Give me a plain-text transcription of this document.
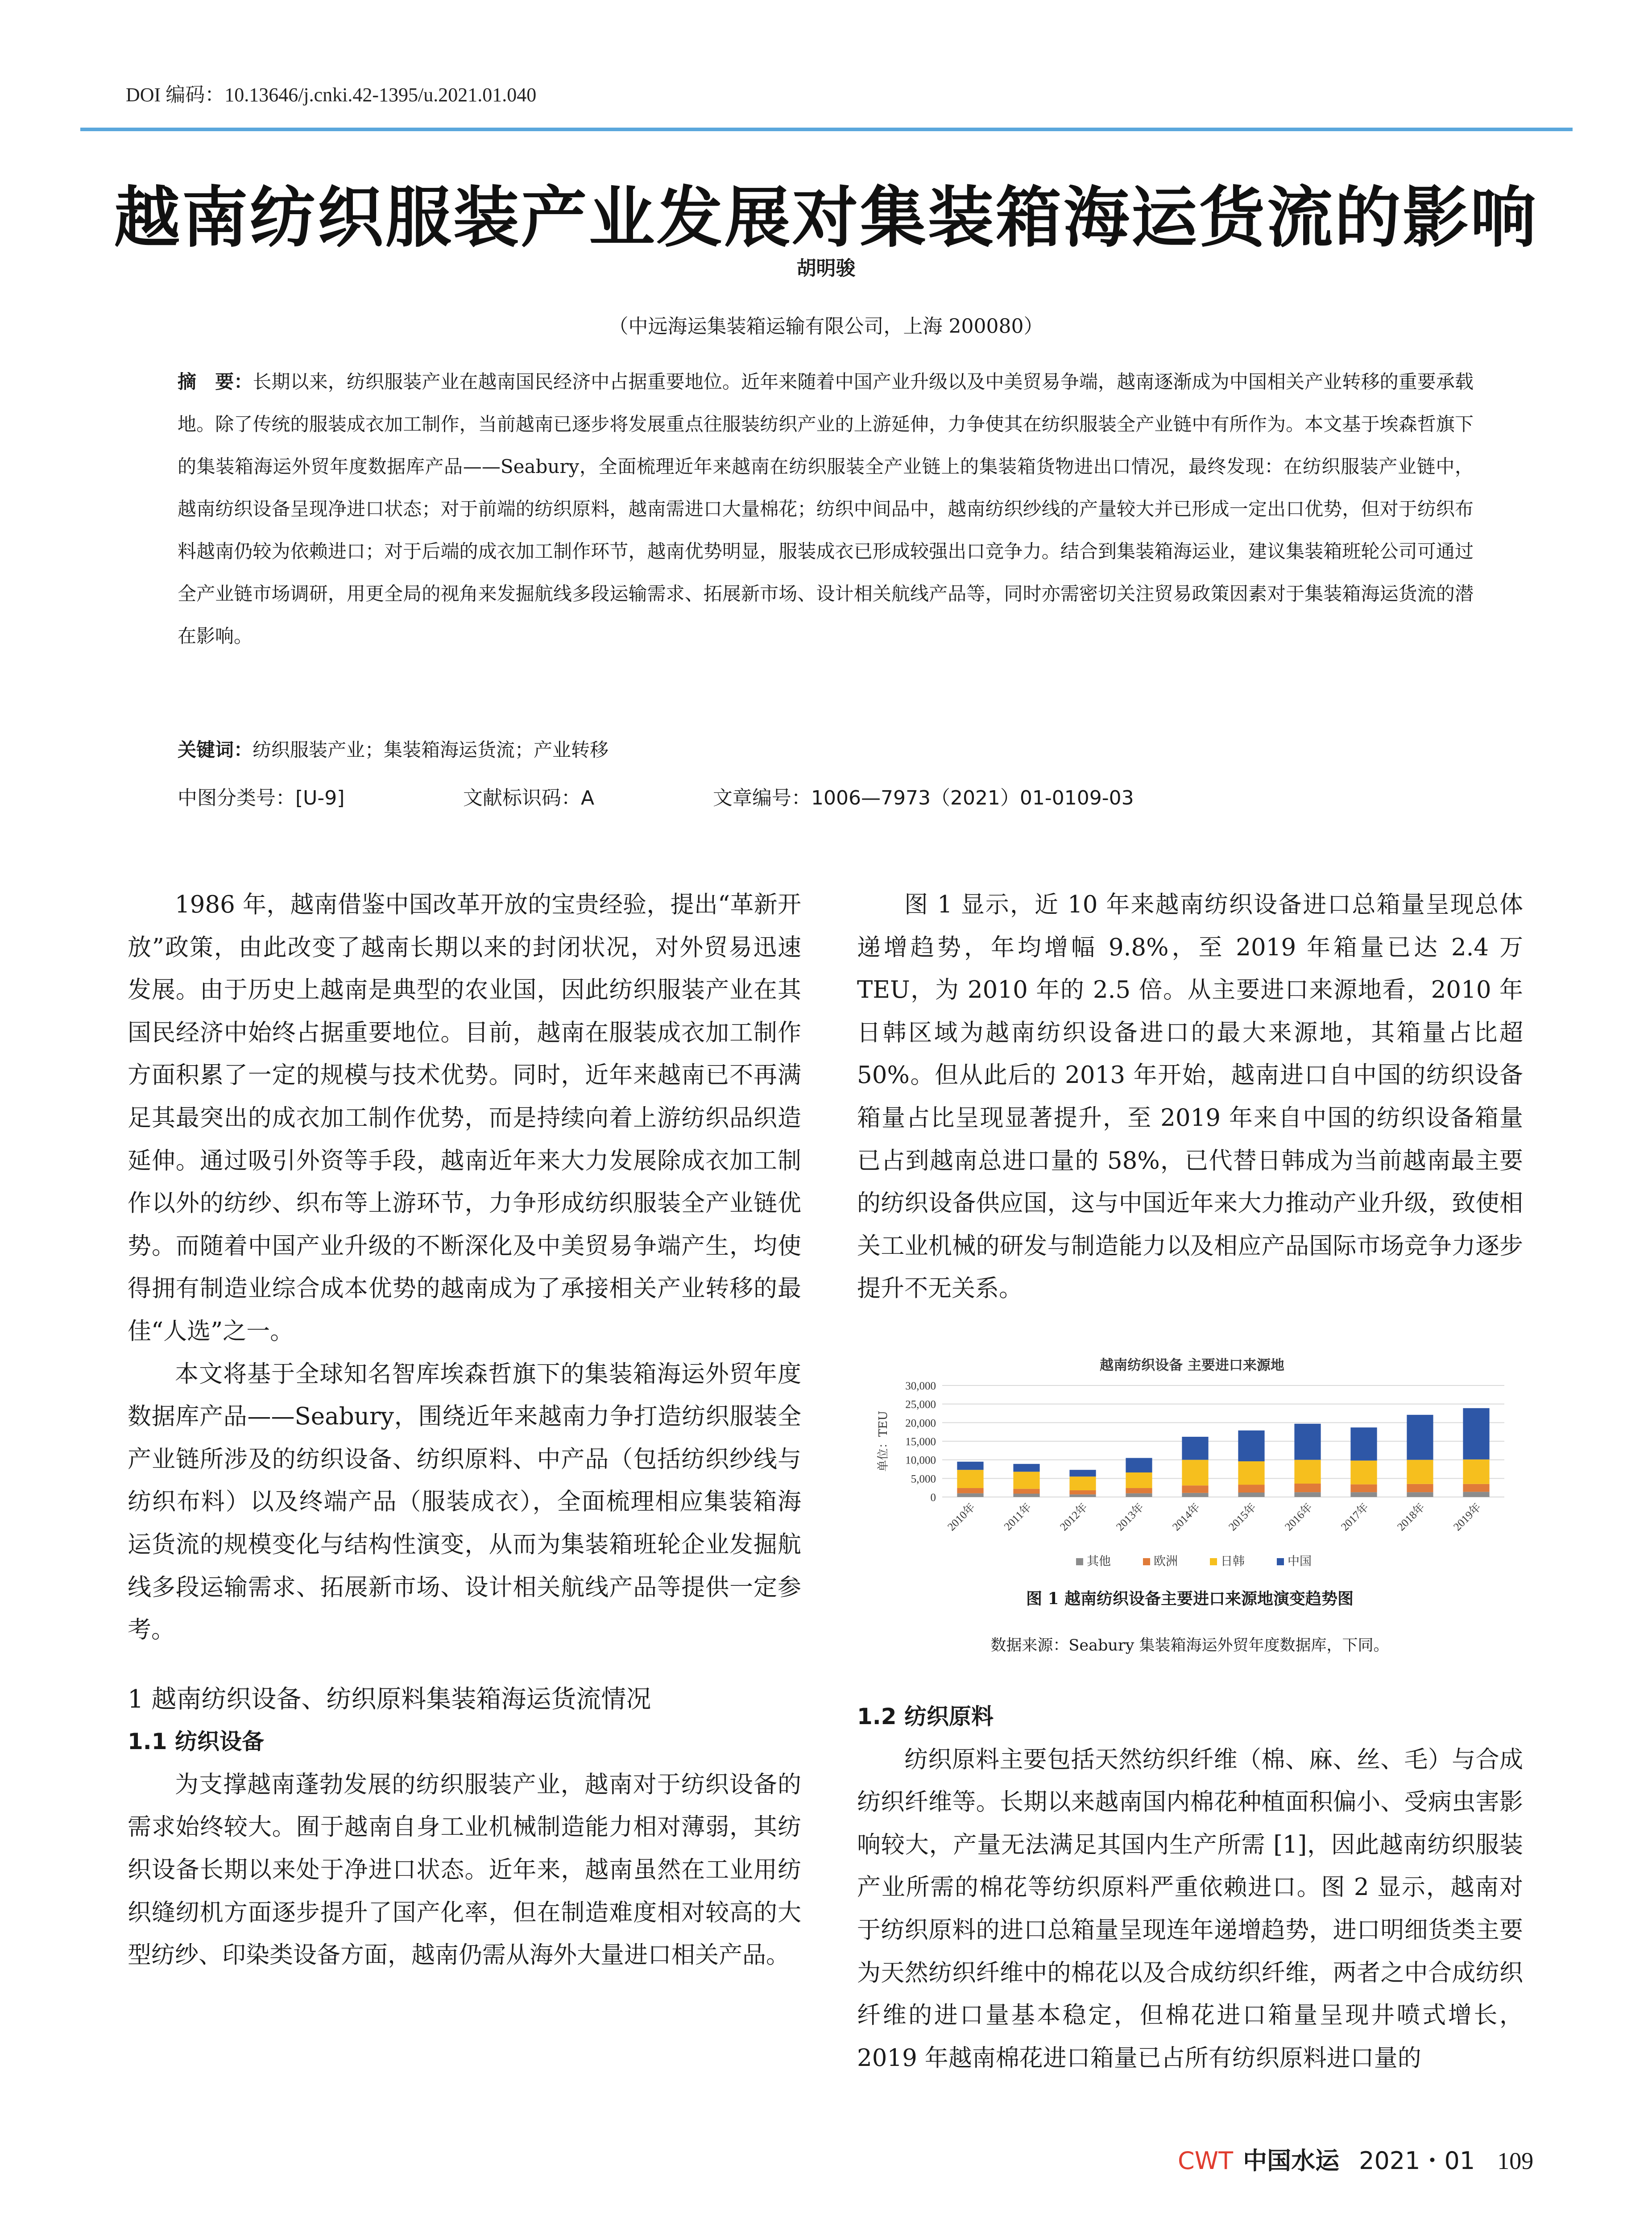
DOI 编码：10.13646/j.cnki.42-1395/u.2021.01.040
越南纺织服装产业发展对集装箱海运货流的影响
胡明骏
（中远海运集装箱运输有限公司，上海 200080）
摘　要：长期以来，纺织服装产业在越南国民经济中占据重要地位。近年来随着中国产业升级以及中美贸易争端，越南逐渐成为中国相关产业转移的重要承载地。除了传统的服装成衣加工制作，当前越南已逐步将发展重点往服装纺织产业的上游延伸，力争使其在纺织服装全产业链中有所作为。本文基于埃森哲旗下的集装箱海运外贸年度数据库产品——Seabury，全面梳理近年来越南在纺织服装全产业链上的集装箱货物进出口情况，最终发现：在纺织服装产业链中，越南纺织设备呈现净进口状态；对于前端的纺织原料，越南需进口大量棉花；纺织中间品中，越南纺织纱线的产量较大并已形成一定出口优势，但对于纺织布料越南仍较为依赖进口；对于后端的成衣加工制作环节，越南优势明显，服装成衣已形成较强出口竞争力。结合到集装箱海运业，建议集装箱班轮公司可通过全产业链市场调研，用更全局的视角来发掘航线多段运输需求、拓展新市场、设计相关航线产品等，同时亦需密切关注贸易政策因素对于集装箱海运货流的潜在影响。
关键词：纺织服装产业；集装箱海运货流；产业转移
中图分类号：[U-9]	文献标识码：A	文章编号：1006—7973（2021）01-0109-03

1986 年，越南借鉴中国改革开放的宝贵经验，提出“革新开放”政策，由此改变了越南长期以来的封闭状况，对外贸易迅速发展。由于历史上越南是典型的农业国，因此纺织服装产业在其国民经济中始终占据重要地位。目前，越南在服装成衣加工制作方面积累了一定的规模与技术优势。同时，近年来越南已不再满足其最突出的成衣加工制作优势，而是持续向着上游纺织品织造延伸。通过吸引外资等手段，越南近年来大力发展除成衣加工制作以外的纺纱、织布等上游环节，力争形成纺织服装全产业链优势。而随着中国产业升级的不断深化及中美贸易争端产生，均使得拥有制造业综合成本优势的越南成为了承接相关产业转移的最佳“人选”之一。

本文将基于全球知名智库埃森哲旗下的集装箱海运外贸年度数据库产品——Seabury，围绕近年来越南力争打造纺织服装全产业链所涉及的纺织设备、纺织原料、中产品（包括纺织纱线与纺织布料）以及终端产品（服装成衣），全面梳理相应集装箱海运货流的规模变化与结构性演变，从而为集装箱班轮企业发掘航线多段运输需求、拓展新市场、设计相关航线产品等提供一定参考。

1 越南纺织设备、纺织原料集装箱海运货流情况
1.1 纺织设备

为支撑越南蓬勃发展的纺织服装产业，越南对于纺织设备的需求始终较大。囿于越南自身工业机械制造能力相对薄弱，其纺织设备长期以来处于净进口状态。近年来，越南虽然在工业用纺织缝纫机方面逐步提升了国产化率，但在制造难度相对较高的大型纺纱、印染类设备方面，越南仍需从海外大量进口相关产品。

图 1 显示，近 10 年来越南纺织设备进口总箱量呈现总体递增趋势，年均增幅 9.8%，至 2019 年箱量已达 2.4 万 TEU，为 2010 年的 2.5 倍。从主要进口来源地看，2010 年日韩区域为越南纺织设备进口的最大来源地，其箱量占比超 50%。但从此后的 2013 年开始，越南进口自中国的纺织设备箱量占比呈现显著提升，至 2019 年来自中国的纺织设备箱量已占到越南总进口量的 58%，已代替日韩成为当前越南最主要的纺织设备供应国，这与中国近年来大力推动产业升级，致使相关工业机械的研发与制造能力以及相应产品国际市场竞争力逐步提升不无关系。

越南纺织设备 主要进口来源地
0
5,000
10,000
15,000
20,000
25,000
30,000
单位：TEU
2010年 2011年 2012年 2013年 2014年 2015年 2016年 2017年 2018年 2019年
其他	欧洲	日韩	中国
图 1 越南纺织设备主要进口来源地演变趋势图
数据来源：Seabury 集装箱海运外贸年度数据库，下同。
1.2 纺织原料

纺织原料主要包括天然纺织纤维（棉、麻、丝、毛）与合成纺织纤维等。长期以来越南国内棉花种植面积偏小、受病虫害影响较大，产量无法满足其国内生产所需 [1]，因此越南纺织服装产业所需的棉花等纺织原料严重依赖进口。图 2 显示，越南对于纺织原料的进口总箱量呈现连年递增趋势，进口明细货类主要为天然纺织纤维中的棉花以及合成纺织纤维，两者之中合成纺织纤维的进口量基本稳定，但棉花进口箱量呈现井喷式增长，2019 年越南棉花进口箱量已占所有纺织原料进口量的

CWT 中国水运 2021・01 109
